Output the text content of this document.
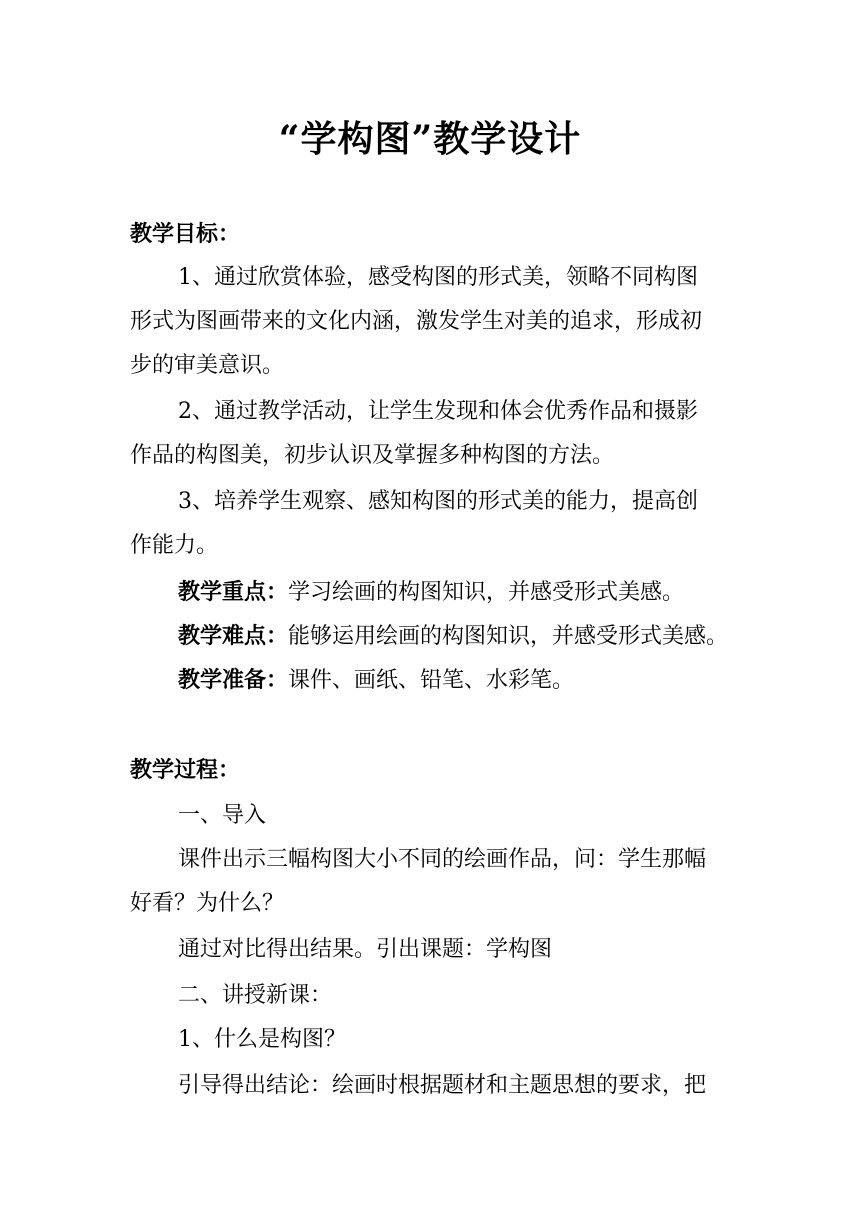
“学构图”教学设计
教学目标：
1、通过欣赏体验，感受构图的形式美，领略不同构图
形式为图画带来的文化内涵，激发学生对美的追求，形成初
步的审美意识。
2、通过教学活动，让学生发现和体会优秀作品和摄影
作品的构图美，初步认识及掌握多种构图的方法。
3、培养学生观察、感知构图的形式美的能力，提高创
作能力。
教学重点：学习绘画的构图知识，并感受形式美感。
教学难点：能够运用绘画的构图知识，并感受形式美感。
教学准备：课件、画纸、铅笔、水彩笔。
教学过程：
一、导入
课件出示三幅构图大小不同的绘画作品，问：学生那幅
好看？为什么？
通过对比得出结果。引出课题：学构图
二、讲授新课：
1、什么是构图？
引导得出结论：绘画时根据题材和主题思想的要求，把
